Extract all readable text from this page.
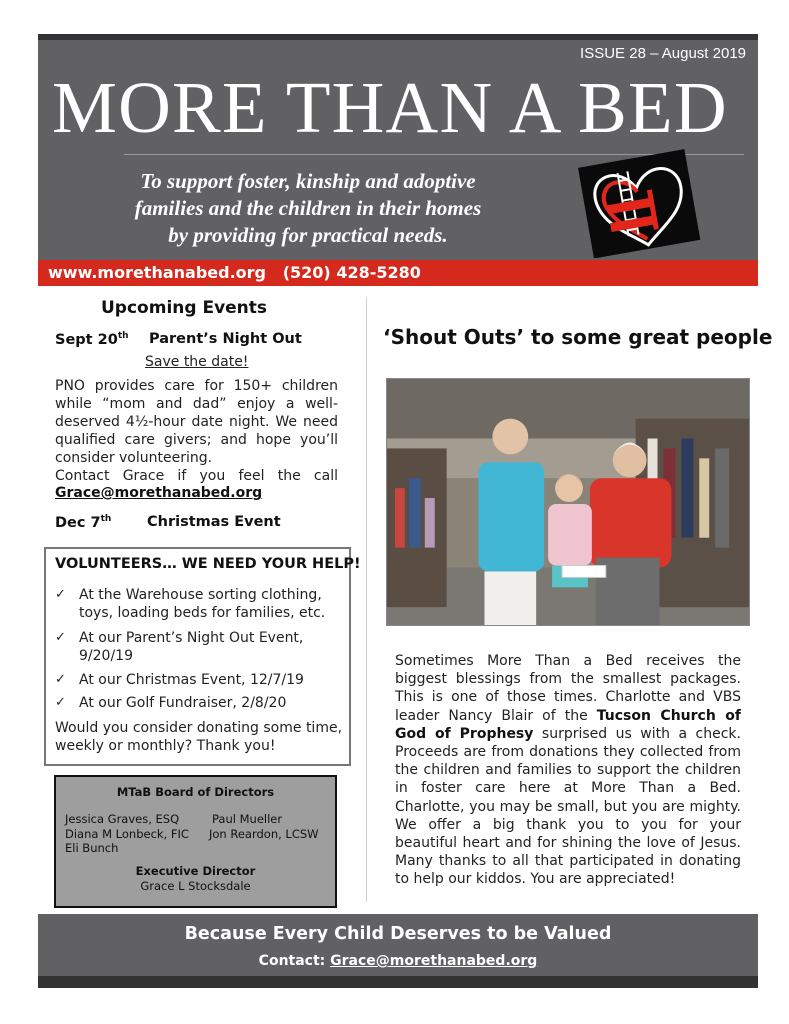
ISSUE 28 – August 2019
MORE THAN A BED
To support foster, kinship and adoptive
families and the children in their homes
by providing for practical needs.
www.morethanabed.org (520) 428-5280
Upcoming Events
Sept 20th Parent’s Night Out
Save the date!
PNO provides care for 150+ children while “mom and dad” enjoy a well-deserved 4½-hour date night. We need qualified care givers; and hope you’ll consider volunteering.
Contact Grace if you feel the call
Grace@morethanabed.org
Dec 7th Christmas Event
VOLUNTEERS… WE NEED YOUR HELP!
✓ At the Warehouse sorting clothing, toys, loading beds for families, etc.
✓ At our Parent’s Night Out Event, 9/20/19
✓ At our Christmas Event, 12/7/19
✓ At our Golf Fundraiser, 2/8/20
Would you consider donating some time, weekly or monthly? Thank you!
MTaB Board of Directors
Jessica Graves, ESQ	Paul Mueller
Diana M Lonbeck, FIC Jon Reardon, LCSW
Eli Bunch
Executive Director
Grace L Stocksdale
‘Shout Outs’ to some great people
Sometimes More Than a Bed receives the biggest blessings from the smallest packages. This is one of those times. Charlotte and VBS leader Nancy Blair of the Tucson Church of God of Prophesy surprised us with a check. Proceeds are from donations they collected from the children and families to support the children in foster care here at More Than a Bed. Charlotte, you may be small, but you are mighty. We offer a big thank you to you for your beautiful heart and for shining the love of Jesus. Many thanks to all that participated in donating to help our kiddos. You are appreciated!
Because Every Child Deserves to be Valued
Contact: Grace@morethanabed.org
